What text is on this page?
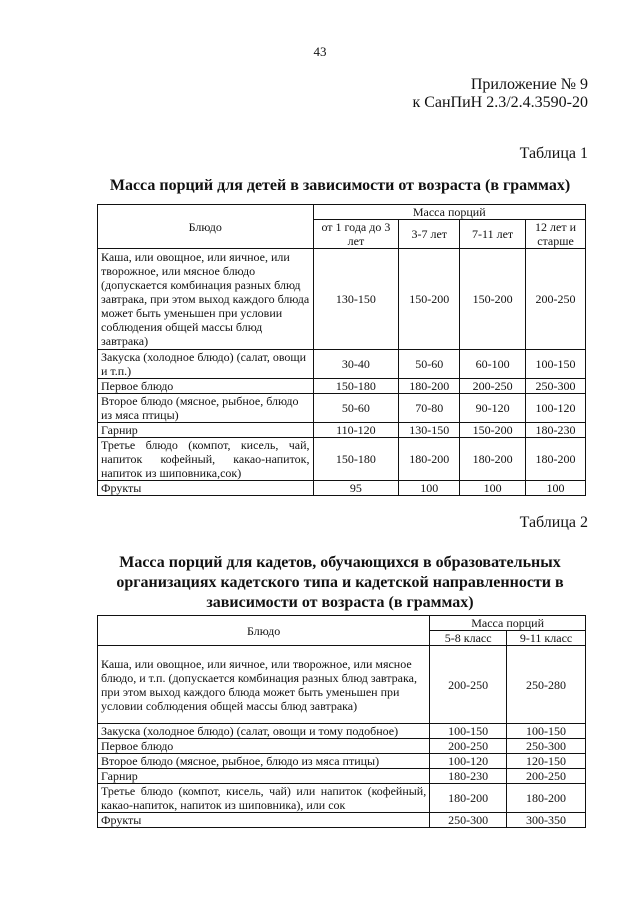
43
Приложение № 9
к СанПиН 2.3/2.4.3590-20
Таблица 1
Масса порций для детей в зависимости от возраста (в граммах)
Блюдо	Масса порций			
	от 1 года до 3 лет	3-7 лет	7-11 лет	12 лет и старше
Каша, или овощное, или яичное, или творожное, или мясное блюдо (допускается комбинация разных блюд завтрака, при этом выход каждого блюда может быть уменьшен при условии соблюдения общей массы блюд завтрака)	130-150	150-200	150-200	200-250
Закуска (холодное блюдо) (салат, овощи и т.п.)	30-40	50-60	60-100	100-150
Первое блюдо	150-180	180-200	200-250	250-300
Второе блюдо (мясное, рыбное, блюдо из мяса птицы)	50-60	70-80	90-120	100-120
Гарнир	110-120	130-150	150-200	180-230
Третье блюдо (компот, кисель, чай, напиток кофейный, какао-напиток, напиток из шиповника,сок)	150-180	180-200	180-200	180-200
Фрукты	95	100	100	100
Таблица 2
Масса порций для кадетов, обучающихся в образовательных организациях кадетского типа и кадетской направленности в зависимости от возраста (в граммах)
Блюдо	Масса порций	
	5-8 класс	9-11 класс
Каша, или овощное, или яичное, или творожное, или мясное блюдо, и т.п. (допускается комбинация разных блюд завтрака, при этом выход каждого блюда может быть уменьшен при условии соблюдения общей массы блюд завтрака)	200-250	250-280
Закуска (холодное блюдо) (салат, овощи и тому подобное)	100-150	100-150
Первое блюдо	200-250	250-300
Второе блюдо (мясное, рыбное, блюдо из мяса птицы)	100-120	120-150
Гарнир	180-230	200-250
Третье блюдо (компот, кисель, чай) или напиток (кофейный, какао-напиток, напиток из шиповника), или сок	180-200	180-200
Фрукты	250-300	300-350
